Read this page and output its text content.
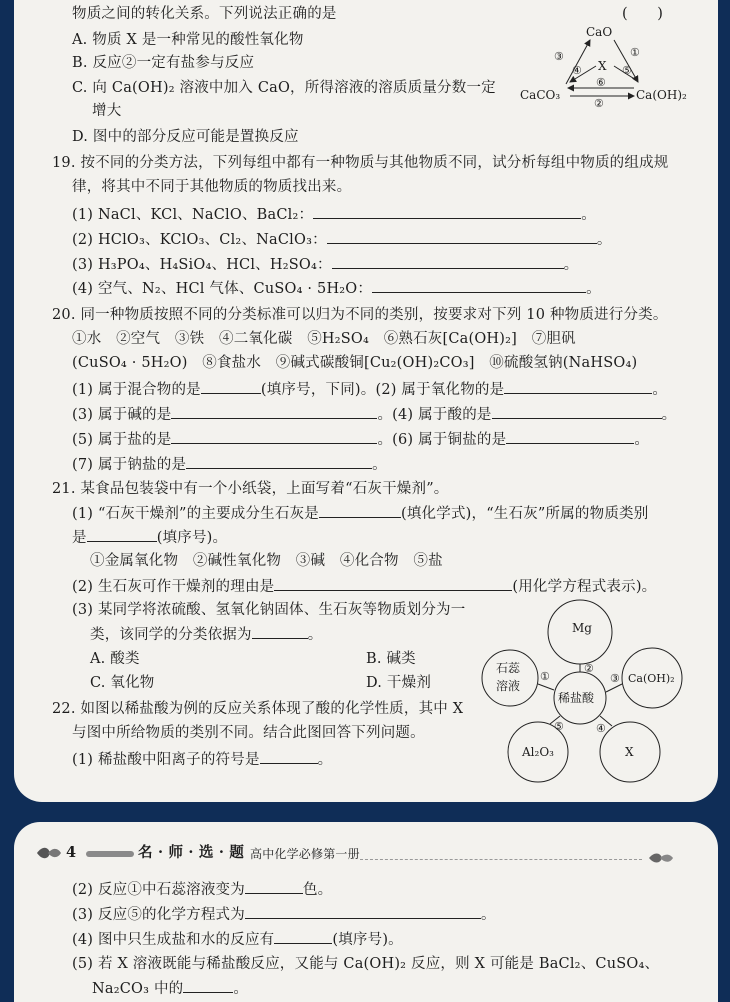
物质之间的转化关系。下列说法正确的是	(　　)
A. 物质 X 是一种常见的酸性氧化物
B. 反应②一定有盐参与反应
C. 向 Ca(OH)₂ 溶液中加入 CaO，所得溶液的溶质质量分数一定
增大
D. 图中的部分反应可能是置换反应
CaO
CaCO₃	Ca(OH)₂
X
③	①
④	⑤
⑥
②
19. 按不同的分类方法，下列每组中都有一种物质与其他物质不同，试分析每组中物质的组成规
律，将其中不同于其他物质的物质找出来。
(1) NaCl、KCl、NaClO、BaCl₂：	。
(2) HClO₃、KClO₃、Cl₂、NaClO₃：	。
(3) H₃PO₄、H₄SiO₄、HCl、H₂SO₄：	。
(4) 空气、N₂、HCl 气体、CuSO₄ · 5H₂O：	。
20. 同一种物质按照不同的分类标准可以归为不同的类别，按要求对下列 10 种物质进行分类。
①水　②空气　③铁　④二氧化碳　⑤H₂SO₄　⑥熟石灰[Ca(OH)₂]　⑦胆矾
(CuSO₄ · 5H₂O)　⑧食盐水　⑨碱式碳酸铜[Cu₂(OH)₂CO₃]　⑩硫酸氢钠(NaHSO₄)
(1) 属于混合物的是	(填序号，下同)。(2) 属于氧化物的是	。
(3) 属于碱的是	。(4) 属于酸的是	。
(5) 属于盐的是	。(6) 属于铜盐的是	。
(7) 属于钠盐的是	。
21. 某食品包装袋中有一个小纸袋，上面写着“石灰干燥剂”。
(1) “石灰干燥剂”的主要成分生石灰是	(填化学式)，“生石灰”所属的物质类别
是	(填序号)。
①金属氧化物　②碱性氧化物　③碱　④化合物　⑤盐
(2) 生石灰可作干燥剂的理由是	(用化学方程式表示)。
(3) 某同学将浓硫酸、氢氧化钠固体、生石灰等物质划分为一
类，该同学的分类依据为	。
A. 酸类	B. 碱类
C. 氧化物	D. 干燥剂
22. 如图以稀盐酸为例的反应关系体现了酸的化学性质，其中 X
与图中所给物质的类别不同。结合此图回答下列问题。
(1) 稀盐酸中阳离子的符号是	。
Mg
稀盐酸
石蕊
溶液
Ca(OH)₂
Al₂O₃	X
②
①	③
⑤	④
4	名 · 师 · 选 · 题 高中化学必修第一册
(2) 反应①中石蕊溶液变为	色。
(3) 反应⑤的化学方程式为	。
(4) 图中只生成盐和水的反应有	(填序号)。
(5) 若 X 溶液既能与稀盐酸反应，又能与 Ca(OH)₂ 反应，则 X 可能是 BaCl₂、CuSO₄、
Na₂CO₃ 中的	。
